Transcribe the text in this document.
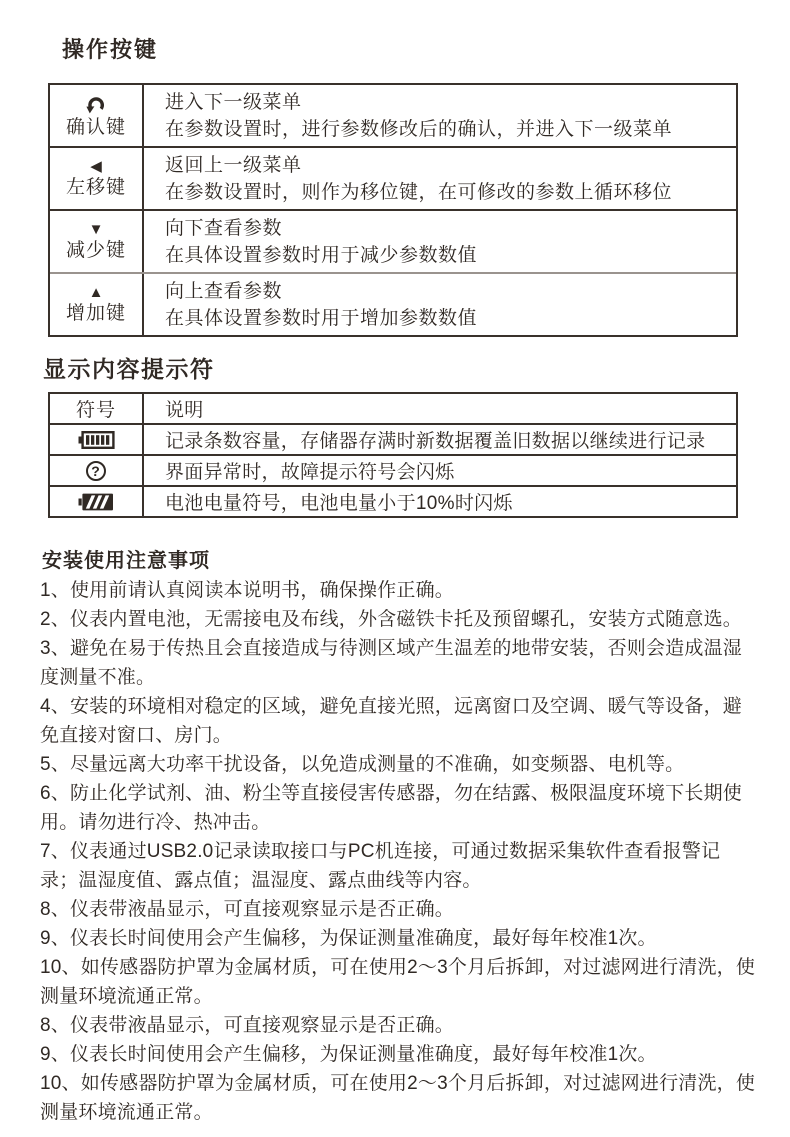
操作按键
确认键
进入下一级菜单
在参数设置时，进行参数修改后的确认，并进入下一级菜单
◀
左移键
返回上一级菜单
在参数设置时，则作为移位键，在可修改的参数上循环移位
▼
减少键
向下查看参数
在具体设置参数时用于减少参数数值
▲
增加键
向上查看参数
在具体设置参数时用于增加参数数值
显示内容提示符
符号	说明
记录条数容量，存储器存满时新数据覆盖旧数据以继续进行记录
?	界面异常时，故障提示符号会闪烁
电池电量符号，电池电量小于10%时闪烁
安装使用注意事项

1、使用前请认真阅读本说明书，确保操作正确。

2、仪表内置电池，无需接电及布线，外含磁铁卡托及预留螺孔，安装方式随意选。

3、避免在易于传热且会直接造成与待测区域产生温差的地带安装，否则会造成温湿度测量不准。

4、安装的环境相对稳定的区域，避免直接光照，远离窗口及空调、暖气等设备，避免直接对窗口、房门。

5、尽量远离大功率干扰设备，以免造成测量的不准确，如变频器、电机等。

6、防止化学试剂、油、粉尘等直接侵害传感器，勿在结露、极限温度环境下长期使用。请勿进行冷、热冲击。

7、仪表通过USB2.0记录读取接口与PC机连接，可通过数据采集软件查看报警记录；温湿度值、露点值；温湿度、露点曲线等内容。

8、仪表带液晶显示，可直接观察显示是否正确。

9、仪表长时间使用会产生偏移，为保证测量准确度，最好每年校准1次。

10、如传感器防护罩为金属材质，可在使用2～3个月后拆卸，对过滤网进行清洗，使测量环境流通正常。

8、仪表带液晶显示，可直接观察显示是否正确。

9、仪表长时间使用会产生偏移，为保证测量准确度，最好每年校准1次。

10、如传感器防护罩为金属材质，可在使用2～3个月后拆卸，对过滤网进行清洗，使测量环境流通正常。
